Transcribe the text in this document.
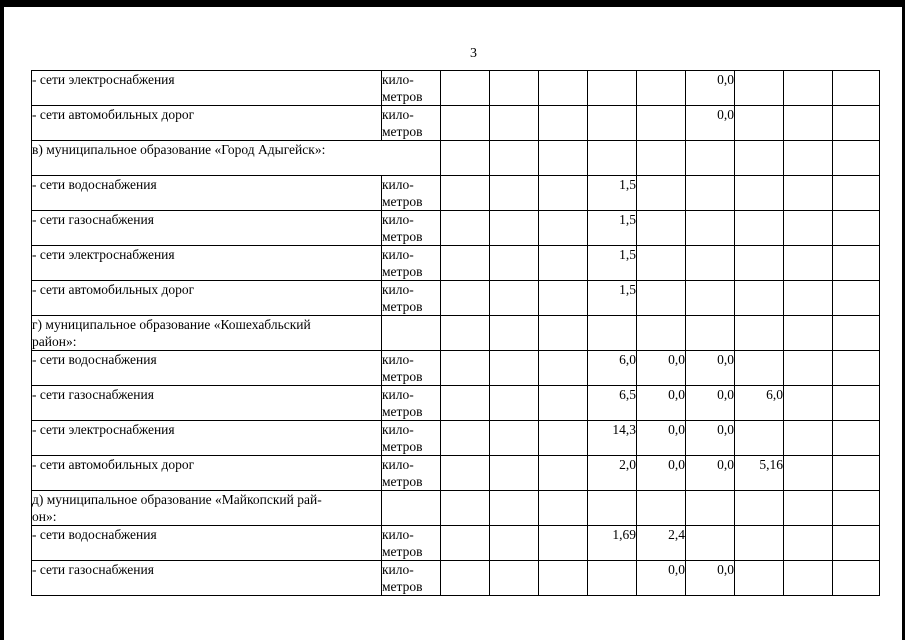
3
- сети электроснабжения	кило-
метров						0,0			
- сети автомобильных дорог	кило-
метров						0,0			
в) муниципальное образование «Город Адыгейск»:										
- сети водоснабжения	кило-
метров				1,5					
- сети газоснабжения	кило-
метров				1,5					
- сети электроснабжения	кило-
метров				1,5					
- сети автомобильных дорог	кило-
метров				1,5					
г) муниципальное образование «Кошехабльский
район»:										
- сети водоснабжения	кило-
метров				6,0	0,0	0,0			
- сети газоснабжения	кило-
метров				6,5	0,0	0,0	6,0		
- сети электроснабжения	кило-
метров				14,3	0,0	0,0			
- сети автомобильных дорог	кило-
метров				2,0	0,0	0,0	5,16		
д) муниципальное образование «Майкопский рай-
он»:										
- сети водоснабжения	кило-
метров				1,69	2,4				
- сети газоснабжения	кило-
метров					0,0	0,0			
